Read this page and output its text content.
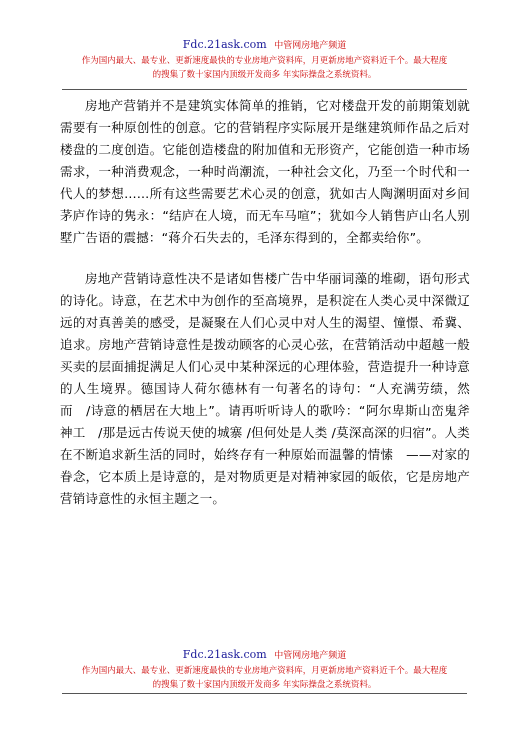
Fdc.21ask.com 中管网房地产频道
作为国内最大、最专业、更新速度最快的专业房地产资料库，月更新房地产资料近千个。最大程度
的搜集了数十家国内顶级开发商多 年实际操盘之系统资料。

房地产营销并不是建筑实体简单的推销，它对楼盘开发的前期策划就需要有一种原创性的创意。它的营销程序实际展开是继建筑师作品之后对楼盘的二度创造。它能创造楼盘的附加值和无形资产，它能创造一种市场需求，一种消费观念，一种时尚潮流，一种社会文化，乃至一个时代和一代人的梦想……所有这些需要艺术心灵的创意，犹如古人陶渊明面对乡间茅庐作诗的隽永：“结庐在人境，而无车马喧”；犹如今人销售庐山名人别墅广告语的震撼：“蒋介石失去的，毛泽东得到的，全都卖给你”。

房地产营销诗意性决不是诸如售楼广告中华丽词藻的堆砌，语句形式的诗化。诗意，在艺术中为创作的至高境界，是积淀在人类心灵中深微辽远的对真善美的感受，是凝聚在人们心灵中对人生的渴望、憧憬、希冀、追求。房地产营销诗意性是拨动顾客的心灵心弦，在营销活动中超越一般买卖的层面捕捉满足人们心灵中某种深远的心理体验，营造提升一种诗意的人生境界。德国诗人荷尔德林有一句著名的诗句：“人充满劳绩，然而　/诗意的栖居在大地上”。请再听听诗人的歌吟：“阿尔卑斯山峦鬼斧神工　/那是远古传说天使的城寨 /但何处是人类 /莫深高深的归宿”。人类在不断追求新生活的同时，始终存有一种原始而温馨的情愫　——对家的眷念，它本质上是诗意的，是对物质更是对精神家园的皈依，它是房地产营销诗意性的永恒主题之一。

Fdc.21ask.com 中管网房地产频道
作为国内最大、最专业、更新速度最快的专业房地产资料库，月更新房地产资料近千个。最大程度
的搜集了数十家国内顶级开发商多 年实际操盘之系统资料。
